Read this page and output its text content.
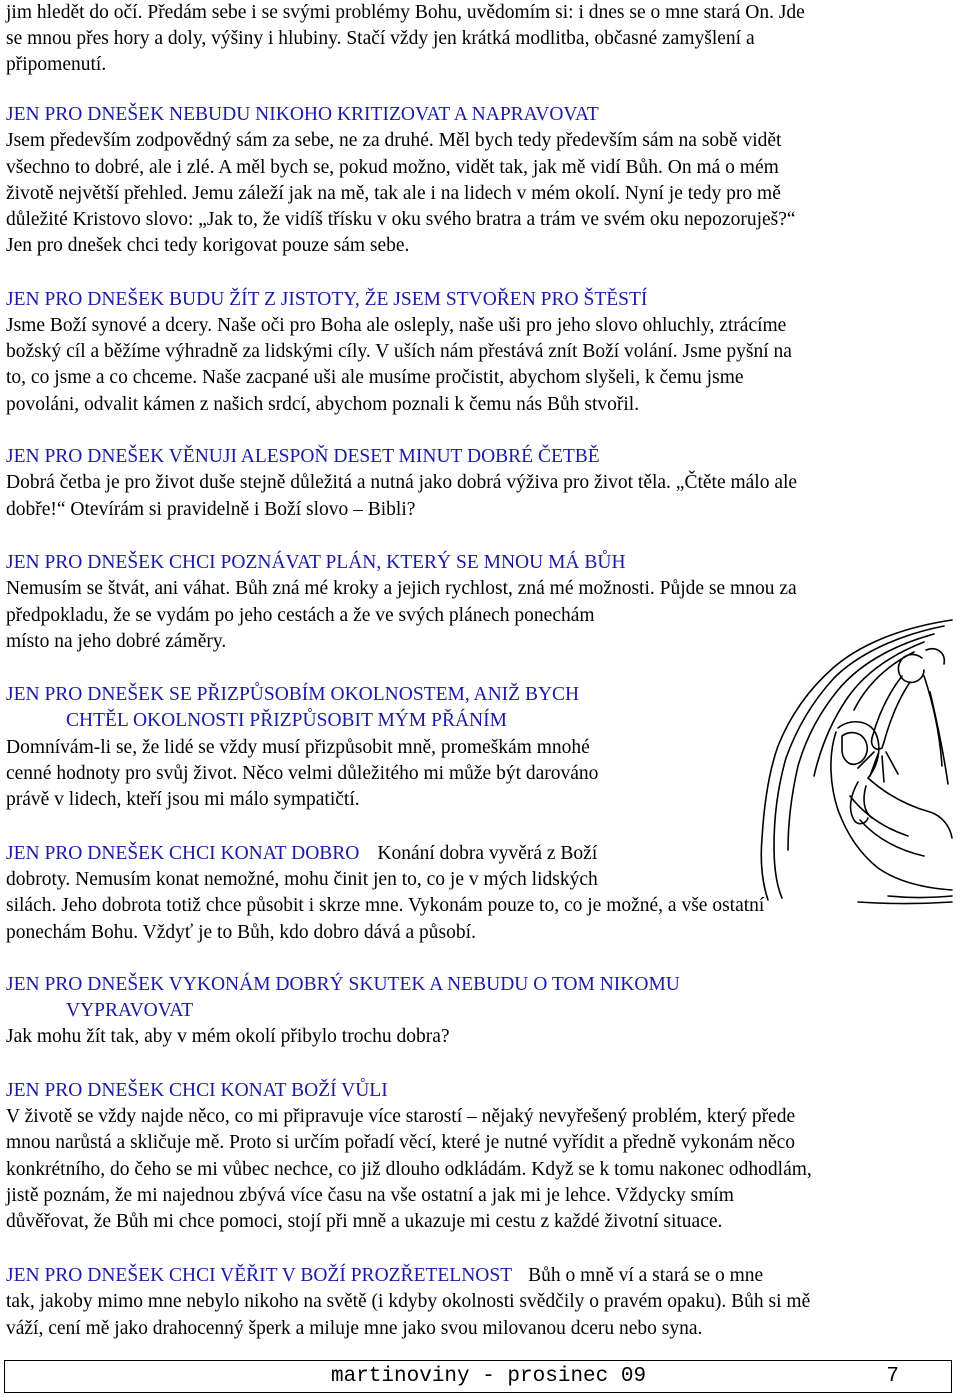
jim hledět do očí. Předám sebe i se svými problémy Bohu, uvědomím si: i dnes se o mne stará On. Jde

se mnou přes hory a doly, výšiny i hlubiny. Stačí vždy jen krátká modlitba, občasné zamyšlení a

připomenutí.

JEN PRO DNEŠEK NEBUDU NIKOHO KRITIZOVAT A NAPRAVOVAT

Jsem především zodpovědný sám za sebe, ne za druhé. Měl bych tedy především sám na sobě vidět

všechno to dobré, ale i zlé. A měl bych se, pokud možno, vidět tak, jak mě vidí Bůh. On má o mém

životě největší přehled. Jemu záleží jak na mě, tak ale i na lidech v mém okolí. Nyní je tedy pro mě

důležité Kristovo slovo: „Jak to, že vidíš třísku v oku svého bratra a trám ve svém oku nepozoruješ?“

Jen pro dnešek chci tedy korigovat pouze sám sebe.

JEN PRO DNEŠEK BUDU ŽÍT Z JISTOTY, ŽE JSEM STVOŘEN PRO ŠTĚSTÍ

Jsme Boží synové a dcery. Naše oči pro Boha ale osleply, naše uši pro jeho slovo ohluchly, ztrácíme

božský cíl a běžíme výhradně za lidskými cíly. V uších nám přestává znít Boží volání. Jsme pyšní na

to, co jsme a co chceme. Naše zacpané uši ale musíme pročistit, abychom slyšeli, k čemu jsme

povoláni, odvalit kámen z našich srdcí, abychom poznali k čemu nás Bůh stvořil.

JEN PRO DNEŠEK VĚNUJI ALESPOŇ DESET MINUT DOBRÉ ČETBĚ

Dobrá četba je pro život duše stejně důležitá a nutná jako dobrá výživa pro život těla. „Čtěte málo ale

dobře!“ Otevírám si pravidelně i Boží slovo – Bibli?

JEN PRO DNEŠEK CHCI POZNÁVAT PLÁN, KTERÝ SE MNOU MÁ BŮH

Nemusím se štvát, ani váhat. Bůh zná mé kroky a jejich rychlost, zná mé možnosti. Půjde se mnou za

předpokladu, že se vydám po jeho cestách a že ve svých plánech ponechám

místo na jeho dobré záměry.

JEN PRO DNEŠEK SE PŘIZPŮSOBÍM OKOLNOSTEM, ANIŽ BYCH

CHTĚL OKOLNOSTI PŘIZPŮSOBIT MÝM PŘÁNÍM

Domnívám-li se, že lidé se vždy musí přizpůsobit mně, promeškám mnohé

cenné hodnoty pro svůj život. Něco velmi důležitého mi může být darováno

právě v lidech, kteří jsou mi málo sympatičtí.

JEN PRO DNEŠEK CHCI KONAT DOBRO Konání dobra vyvěrá z Boží

dobroty. Nemusím konat nemožné, mohu činit jen to, co je v mých lidských

silách. Jeho dobrota totiž chce působit i skrze mne. Vykonám pouze to, co je možné, a vše ostatní

ponechám Bohu. Vždyť je to Bůh, kdo dobro dává a působí.

JEN PRO DNEŠEK VYKONÁM DOBRÝ SKUTEK A NEBUDU O TOM NIKOMU

VYPRAVOVAT

Jak mohu žít tak, aby v mém okolí přibylo trochu dobra?

JEN PRO DNEŠEK CHCI KONAT BOŽÍ VŮLI

V životě se vždy najde něco, co mi připravuje více starostí – nějaký nevyřešený problém, který přede

mnou narůstá a skličuje mě. Proto si určím pořadí věcí, které je nutné vyřídit a předně vykonám něco

konkrétního, do čeho se mi vůbec nechce, co již dlouho odkládám. Když se k tomu nakonec odhodlám,

jistě poznám, že mi najednou zbývá více času na vše ostatní a jak mi je lehce. Vždycky smím

důvěřovat, že Bůh mi chce pomoci, stojí při mně a ukazuje mi cestu z každé životní situace.

JEN PRO DNEŠEK CHCI VĚŘIT V BOŽÍ PROZŘETELNOST Bůh o mně ví a stará se o mne

tak, jakoby mimo mne nebylo nikoho na světě (i kdyby okolnosti svědčily o pravém opaku). Bůh si mě

váží, cení mě jako drahocenný šperk a miluje mne jako svou milovanou dceru nebo syna.

martinoviny - prosinec 09	7
